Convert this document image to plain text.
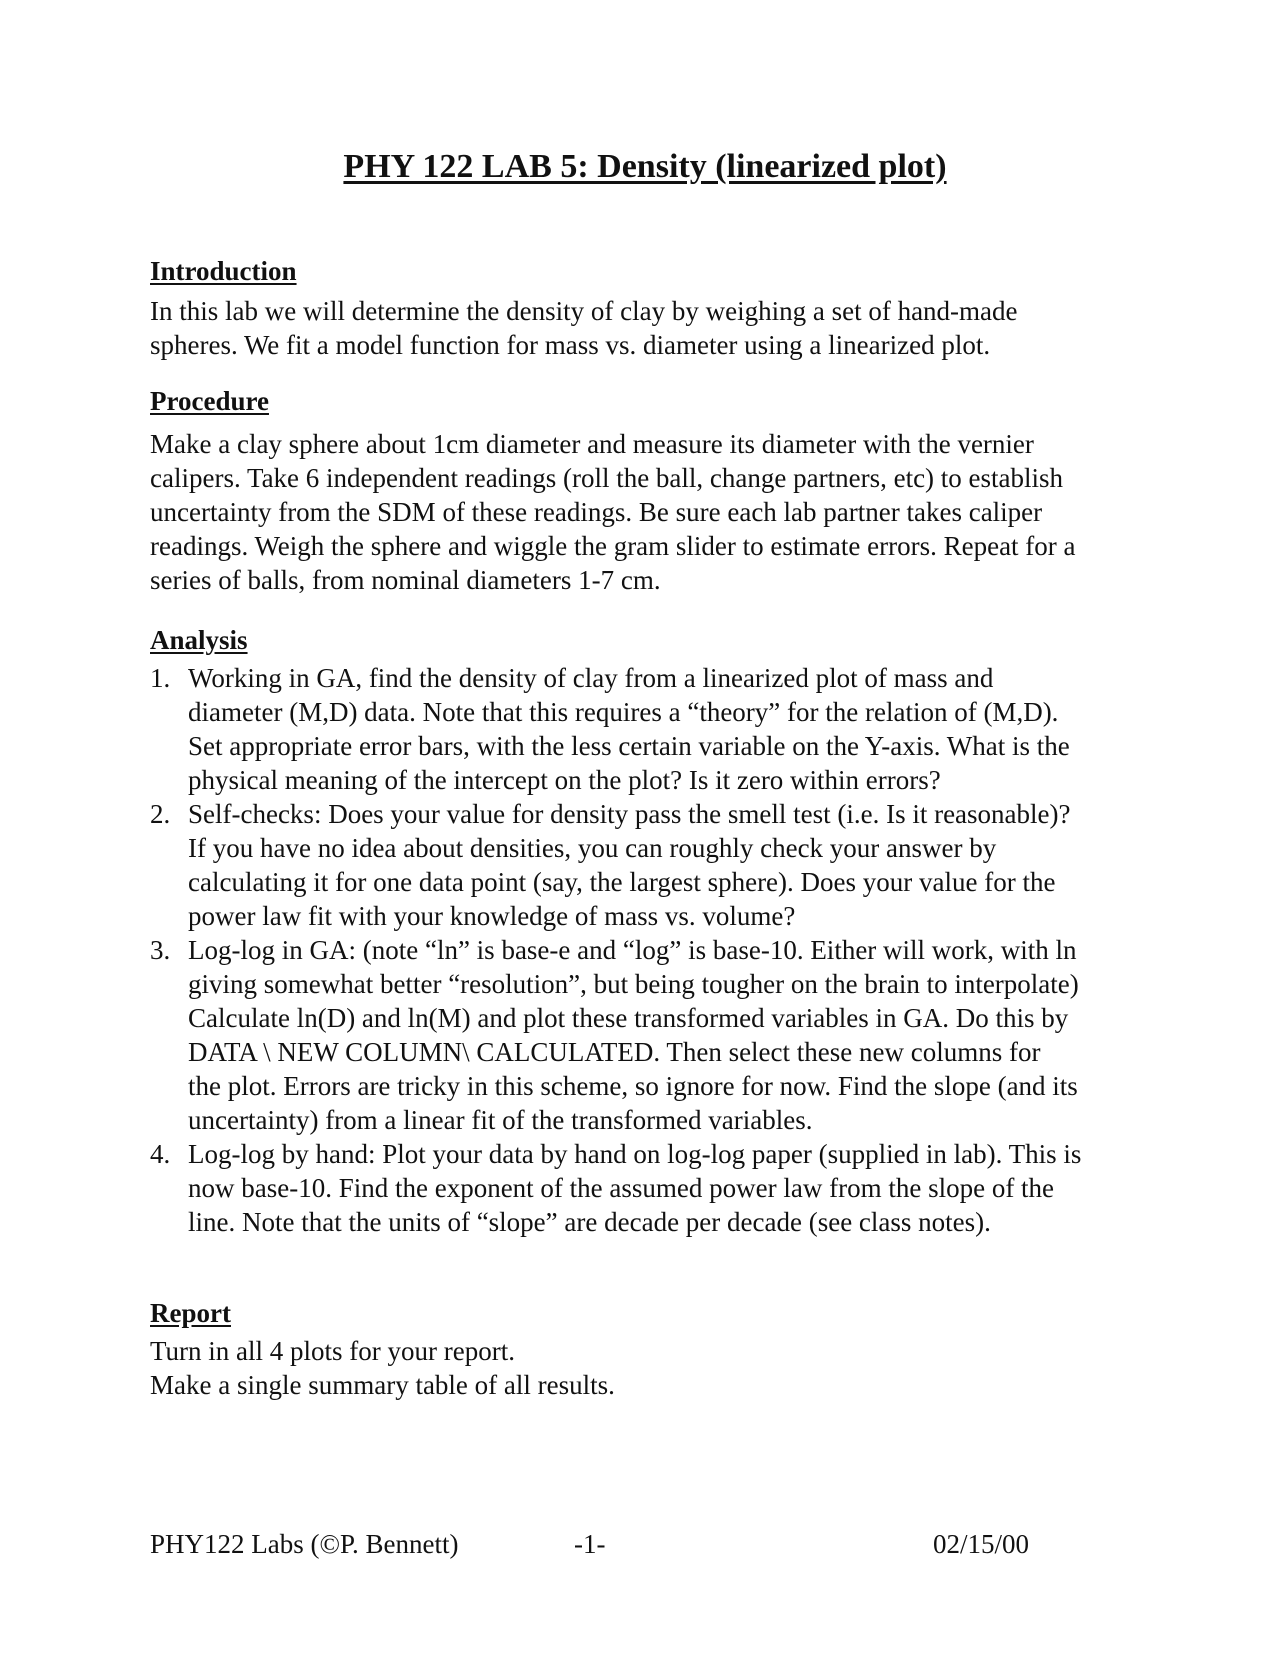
PHY 122 LAB 5: Density (linearized plot)
Introduction

In this lab we will determine the density of clay by weighing a set of hand-made
spheres. We fit a model function for mass vs. diameter using a linearized plot.

Procedure

Make a clay sphere about 1cm diameter and measure its diameter with the vernier
calipers. Take 6 independent readings (roll the ball, change partners, etc) to establish
uncertainty from the SDM of these readings. Be sure each lab partner takes caliper
readings. Weigh the sphere and wiggle the gram slider to estimate errors. Repeat for a
series of balls, from nominal diameters 1-7 cm.

Analysis
1. Working in GA, find the density of clay from a linearized plot of mass and
diameter (M,D) data. Note that this requires a “theory” for the relation of (M,D).
Set appropriate error bars, with the less certain variable on the Y-axis. What is the
physical meaning of the intercept on the plot? Is it zero within errors?
2. Self-checks: Does your value for density pass the smell test (i.e. Is it reasonable)?
If you have no idea about densities, you can roughly check your answer by
calculating it for one data point (say, the largest sphere). Does your value for the
power law fit with your knowledge of mass vs. volume?
3. Log-log in GA: (note “ln” is base-e and “log” is base-10. Either will work, with ln
giving somewhat better “resolution”, but being tougher on the brain to interpolate)
Calculate ln(D) and ln(M) and plot these transformed variables in GA. Do this by
DATA \ NEW COLUMN\ CALCULATED. Then select these new columns for
the plot. Errors are tricky in this scheme, so ignore for now. Find the slope (and its
uncertainty) from a linear fit of the transformed variables.
4. Log-log by hand: Plot your data by hand on log-log paper (supplied in lab). This is
now base-10. Find the exponent of the assumed power law from the slope of the
line. Note that the units of “slope” are decade per decade (see class notes).
Report

Turn in all 4 plots for your report.
Make a single summary table of all results.

PHY122 Labs (©P. Bennett)	-1-	02/15/00
